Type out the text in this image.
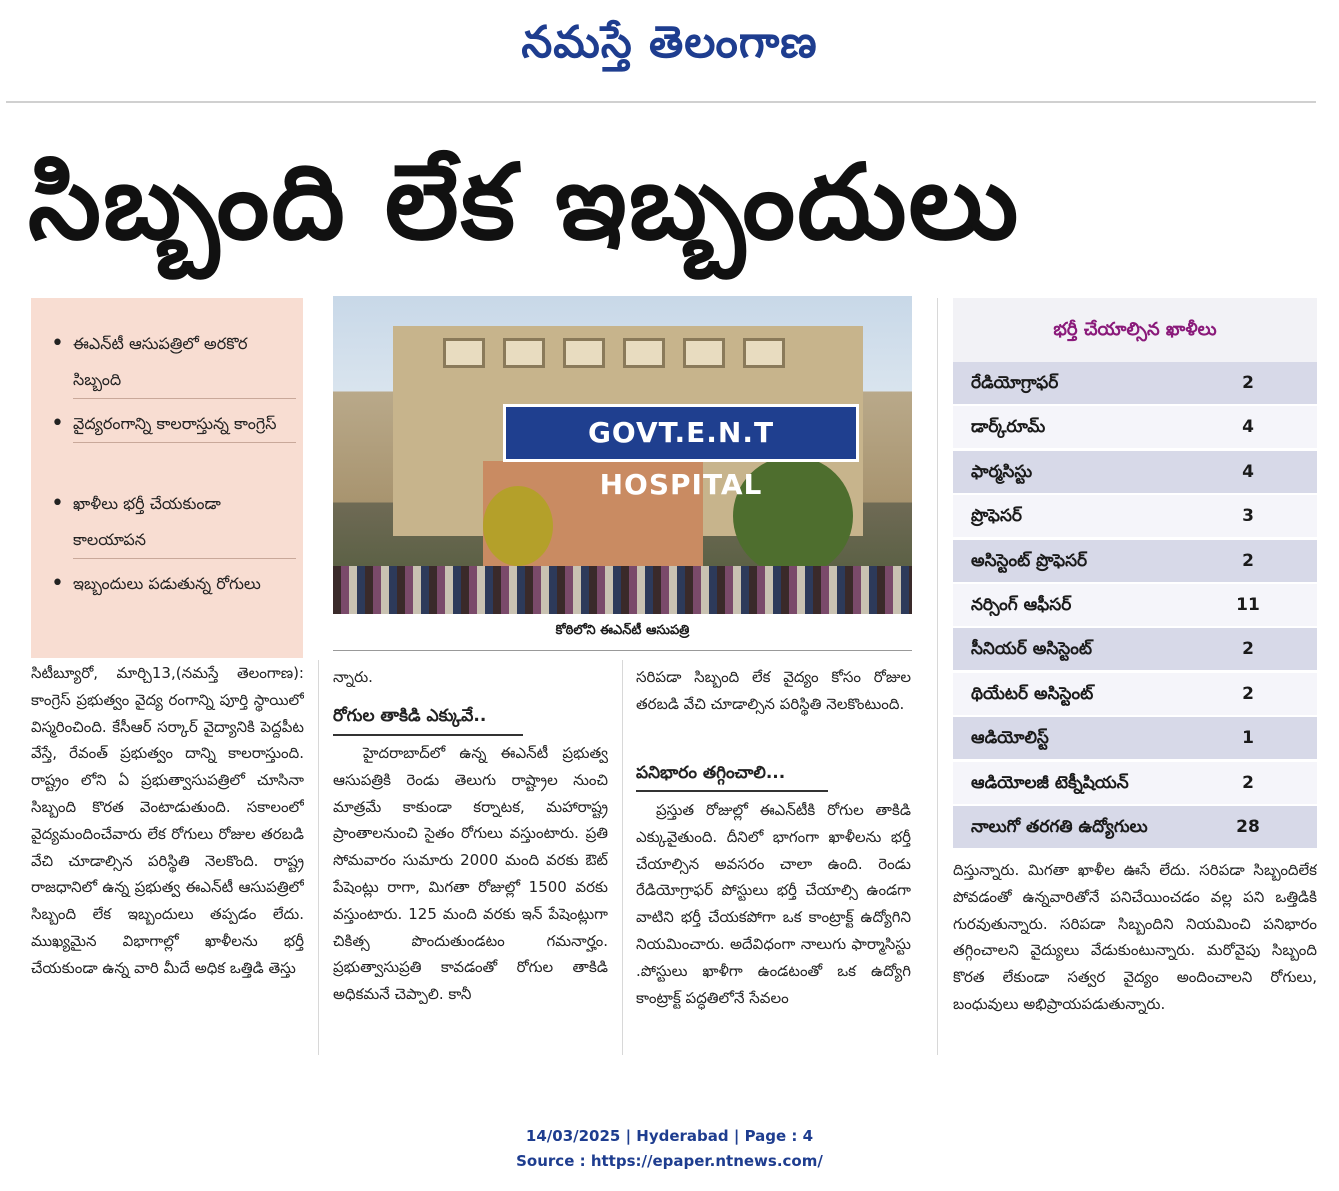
నమస్తే తెలంగాణ
సిబ్బంది లేక ఇబ్బందులు
• ఈఎన్‌టీ ఆసుపత్రిలో అరకొర సిబ్బంది
• వైద్యరంగాన్ని కాలరాస్తున్న కాంగ్రెస్
• ఖాళీలు భర్తీ చేయకుండా కాలయాపన
• ఇబ్బందులు పడుతున్న రోగులు
GOVT.E.N.T HOSPITAL
కోఠిలోని ఈఎన్‌టీ ఆసుపత్రి
భర్తీ చేయాల్సిన ఖాళీలు
రేడియోగ్రాఫర్	2
డార్క్‌రూమ్	4
ఫార్మసిస్టు	4
ప్రొఫెసర్	3
అసిస్టెంట్ ప్రొఫెసర్	2
నర్సింగ్ ఆఫీసర్	11
సీనియర్ అసిస్టెంట్	2
థియేటర్ అసిస్టెంట్	2
ఆడియోలిస్ట్	1
ఆడియోలజీ టెక్నీషియన్	2
నాలుగో తరగతి ఉద్యోగులు	28
సిటీబ్యూరో, మార్చి13,(నమస్తే తెలంగాణ): కాంగ్రెస్ ప్రభుత్వం వైద్య రంగాన్ని పూర్తి స్థాయిలో విస్మరించింది. కేసీఆర్ సర్కార్ వైద్యానికి పెద్దపీట వేస్తే, రేవంత్ ప్రభుత్వం దాన్ని కాలరాస్తుంది. రాష్ట్రం లోని ఏ ప్రభుత్వాసుపత్రిలో చూసినా సిబ్బంది కొరత వెంటాడుతుంది. సకాలంలో వైద్యమందించేవారు లేక రోగులు రోజుల తరబడి వేచి చూడాల్సిన పరిస్థితి నెలకొంది. రాష్ట్ర రాజధానిలో ఉన్న ప్రభుత్వ ఈఎన్‌టీ ఆసుపత్రిలో సిబ్బంది లేక ఇబ్బందులు తప్పడం లేదు. ముఖ్యమైన విభాగాల్లో ఖాళీలను భర్తీ చేయకుండా ఉన్న వారి మీదే అధిక ఒత్తిడి తెస్తు
న్నారు.
రోగుల తాకిడి ఎక్కువే..
హైదరాబాద్‌లో ఉన్న ఈఎన్‌టీ ప్రభుత్వ ఆసుపత్రికి రెండు తెలుగు రాష్ట్రాల నుంచి మాత్రమే కాకుండా కర్నాటక, మహారాష్ట్ర ప్రాంతాలనుంచి సైతం రోగులు వస్తుంటారు. ప్రతి సోమవారం సుమారు 2000 మంది వరకు ఔట్ పేషెంట్లు రాగా, మిగతా రోజుల్లో 1500 వరకు వస్తుంటారు. 125 మంది వరకు ఇన్ పేషెంట్లుగా చికిత్స పొందుతుండటం గమనార్హం. ప్రభుత్వాసుప్రతి కావడంతో రోగుల తాకిడి అధికమనే చెప్పాలి. కానీ
సరిపడా సిబ్బంది లేక వైద్యం కోసం రోజుల తరబడి వేచి చూడాల్సిన పరిస్థితి నెలకొంటుంది.
పనిభారం తగ్గించాలి...
ప్రస్తుత రోజుల్లో ఈఎన్‌టీకి రోగుల తాకిడి ఎక్కువైతుంది. దీనిలో భాగంగా ఖాళీలను భర్తీ చేయాల్సిన అవసరం చాలా ఉంది. రెండు రేడియోగ్రాఫర్ పోస్టులు భర్తీ చేయాల్సి ఉండగా వాటిని భర్తీ చేయకపోగా ఒక కాంట్రాక్ట్ ఉద్యోగిని నియమించారు. అదేవిధంగా నాలుగు ఫార్మాసిస్టు .పోస్టులు ఖాళీగా ఉండటంతో ఒక ఉద్యోగి కాంట్రాక్ట్ పద్ధతిలోనే సేవలం
దిస్తున్నారు. మిగతా ఖాళీల ఊసే లేదు. సరిపడా సిబ్బందిలేక పోవడంతో ఉన్నవారితోనే పనిచేయించడం వల్ల పని ఒత్తిడికి గురవుతున్నారు. సరిపడా సిబ్బందిని నియమించి పనిభారం తగ్గించాలని వైద్యులు వేడుకుంటున్నారు. మరోవైపు సిబ్బంది కొరత లేకుండా సత్వర వైద్యం అందించాలని రోగులు, బంధువులు అభిప్రాయపడుతున్నారు.
14/03/2025 | Hyderabad | Page : 4
Source : https://epaper.ntnews.com/
